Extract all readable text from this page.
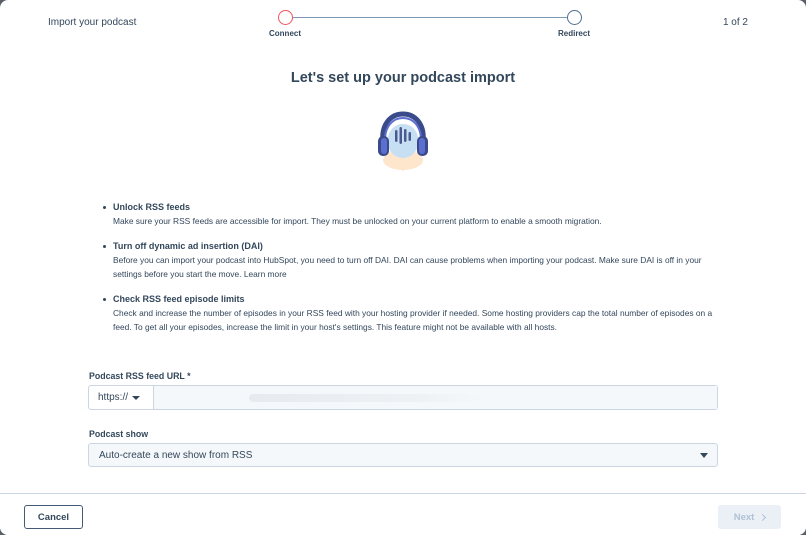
Import your podcast
Connect	Redirect
1 of 2
Let's set up your podcast import
Unlock RSS feeds
Make sure your RSS feeds are accessible for import. They must be unlocked on your current platform to enable a smooth migration.
Turn off dynamic ad insertion (DAI)
Before you can import your podcast into HubSpot, you need to turn off DAI. DAI can cause problems when importing your podcast. Make sure DAI is off in your settings before you start the move. Learn more
Check RSS feed episode limits
Check and increase the number of episodes in your RSS feed with your hosting provider if needed. Some hosting providers cap the total number of episodes on a feed. To get all your episodes, increase the limit in your host's settings. This feature might not be available with all hosts.
Podcast RSS feed URL *
https://
Podcast show
Auto-create a new show from RSS
Cancel	Next
